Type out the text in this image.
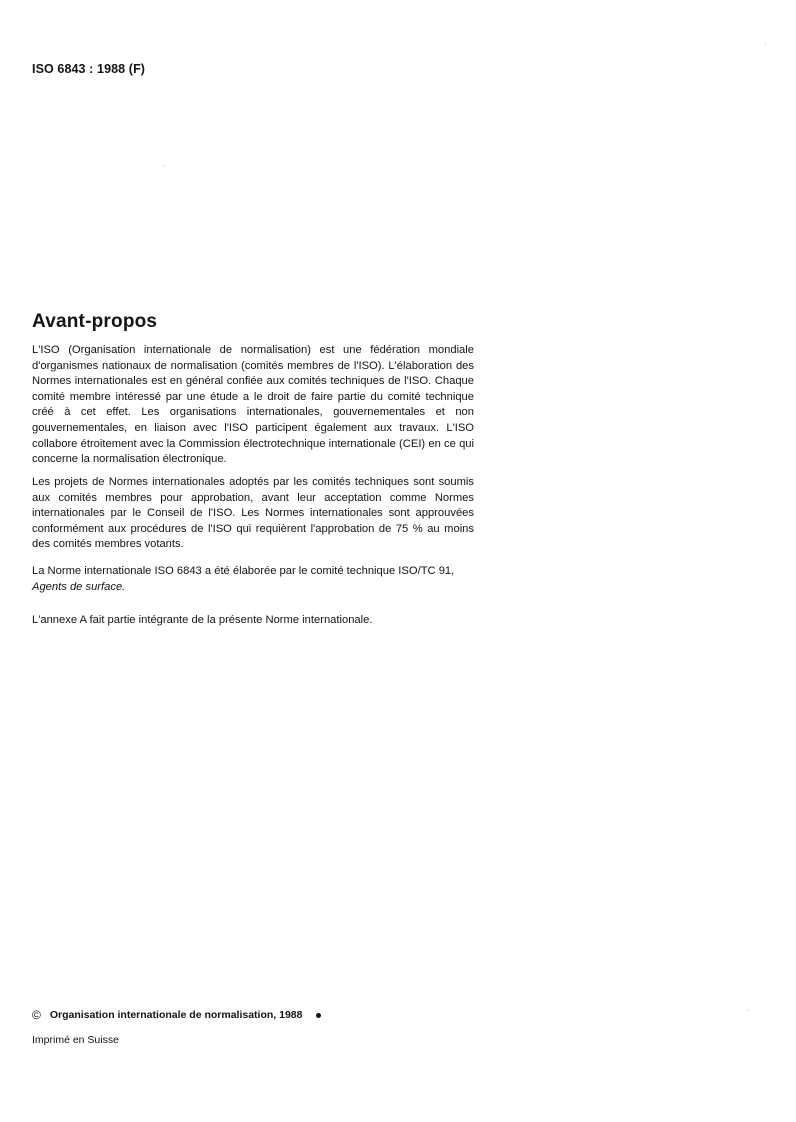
ISO 6843 : 1988 (F)
Avant-propos

L'ISO (Organisation internationale de normalisation) est une fédération mondiale d'organismes nationaux de normalisation (comités membres de l'ISO). L'élaboration des Normes internationales est en général confiée aux comités techniques de l'ISO. Chaque comité membre intéressé par une étude a le droit de faire partie du comité technique créé à cet effet. Les organisations internationales, gouvernementales et non gouvernementales, en liaison avec l'ISO participent également aux travaux. L'ISO collabore étroitement avec la Commission électrotechnique internationale (CEI) en ce qui concerne la normalisation électronique.

Les projets de Normes internationales adoptés par les comités techniques sont soumis aux comités membres pour approbation, avant leur acceptation comme Normes internationales par le Conseil de l'ISO. Les Normes internationales sont approuvées conformément aux procédures de l'ISO qui requièrent l'approbation de 75 % au moins des comités membres votants.

La Norme internationale ISO 6843 a été élaborée par le comité technique ISO/TC 91,
Agents de surface.

L'annexe A fait partie intégrante de la présente Norme internationale.

© Organisation internationale de normalisation, 1988
Imprimé en Suisse
